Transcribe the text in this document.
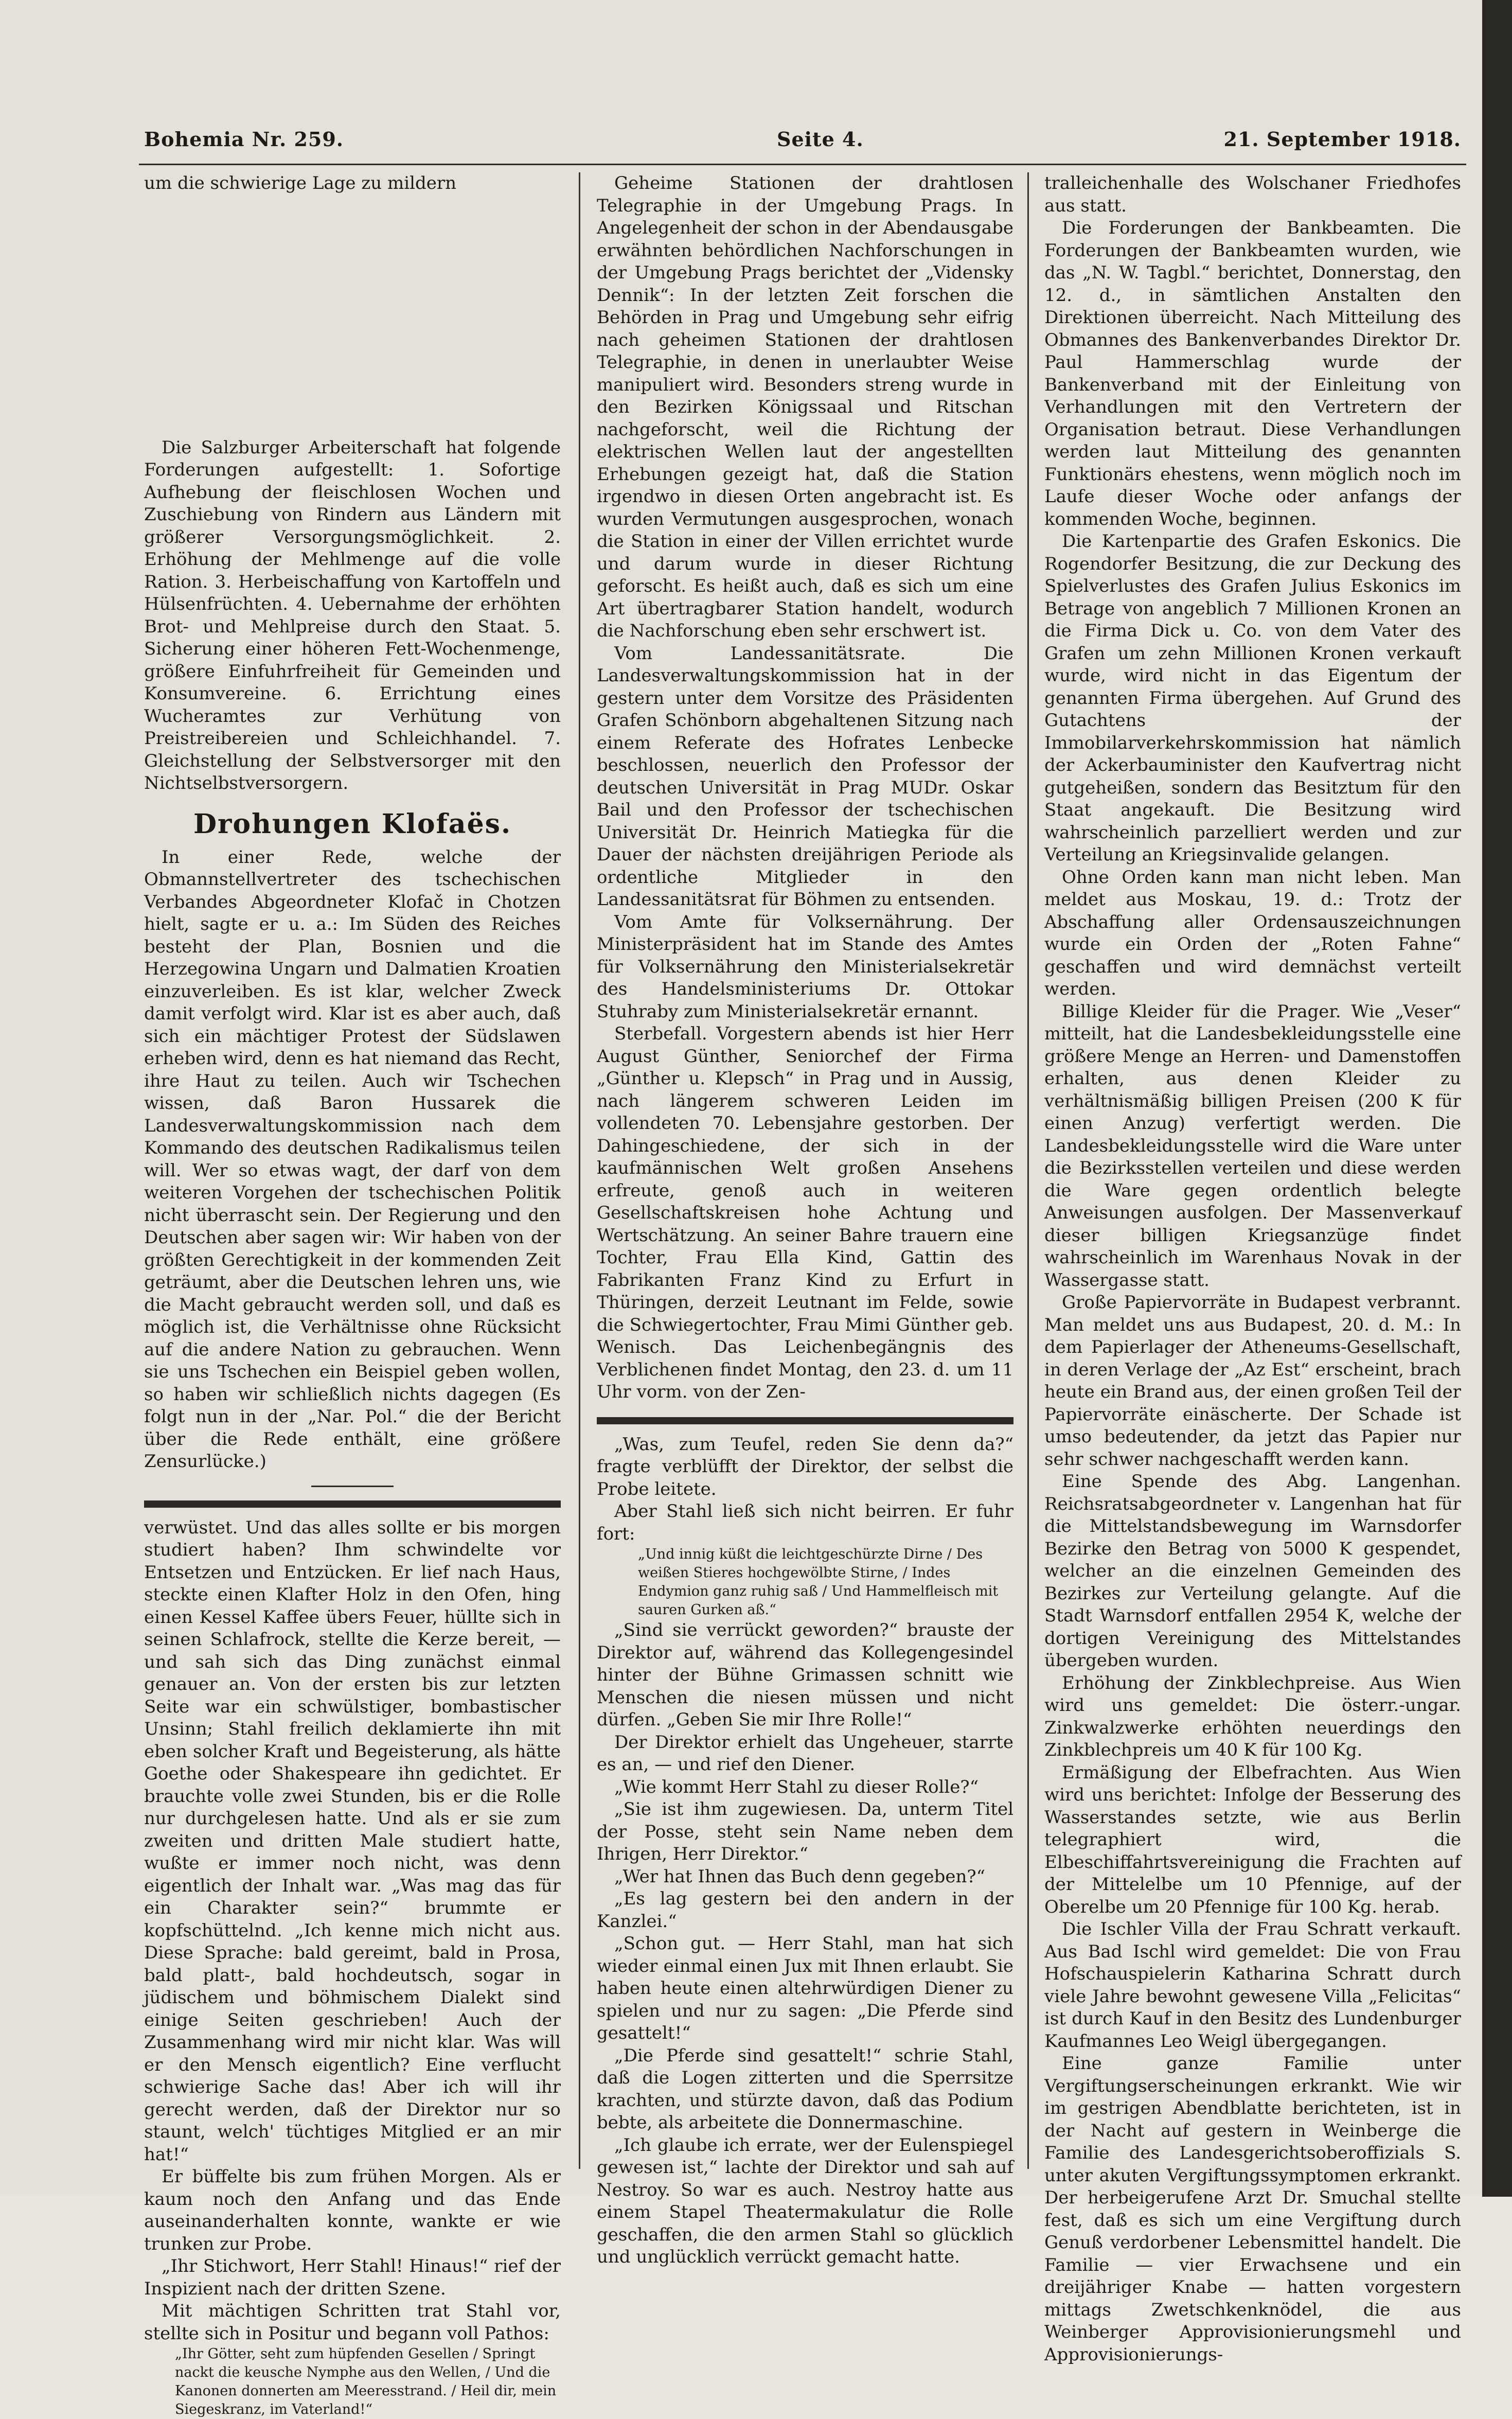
Bohemia Nr. 259.	Seite 4.	21. September 1918.

um die schwierige Lage zu mildern

Die Salzburger Arbeiterschaft hat folgende Forderungen aufgestellt: 1. Sofortige Aufhebung der fleischlosen Wochen und Zuschiebung von Rindern aus Ländern mit größerer Versorgungsmöglichkeit. 2. Erhöhung der Mehlmenge auf die volle Ration. 3. Herbeischaffung von Kartoffeln und Hülsenfrüchten. 4. Uebernahme der erhöhten Brot- und Mehlpreise durch den Staat. 5. Sicherung einer höheren Fett-Wochenmenge, größere Einfuhrfreiheit für Gemeinden und Konsumvereine. 6. Errichtung eines Wucheramtes zur Verhütung von Preistreibereien und Schleichhandel. 7. Gleichstellung der Selbstversorger mit den Nichtselbstversorgern.

Drohungen Klofaës.

In einer Rede, welche der Obmannstellvertreter des tschechischen Verbandes Abgeordneter Klofač in Chotzen hielt, sagte er u. a.: Im Süden des Reiches besteht der Plan, Bosnien und die Herzegowina Ungarn und Dalmatien Kroatien einzuverleiben. Es ist klar, welcher Zweck damit verfolgt wird. Klar ist es aber auch, daß sich ein mächtiger Protest der Südslawen erheben wird, denn es hat niemand das Recht, ihre Haut zu teilen. Auch wir Tschechen wissen, daß Baron Hussarek die Landesverwaltungskommission nach dem Kommando des deutschen Radikalismus teilen will. Wer so etwas wagt, der darf von dem weiteren Vorgehen der tschechischen Politik nicht überrascht sein. Der Regierung und den Deutschen aber sagen wir: Wir haben von der größten Gerechtigkeit in der kommenden Zeit geträumt, aber die Deutschen lehren uns, wie die Macht gebraucht werden soll, und daß es möglich ist, die Verhältnisse ohne Rücksicht auf die andere Nation zu gebrauchen. Wenn sie uns Tschechen ein Beispiel geben wollen, so haben wir schließlich nichts dagegen (Es folgt nun in der „Nar. Pol.“ die der Bericht über die Rede enthält, eine größere Zensurlücke.)

verwüstet. Und das alles sollte er bis morgen studiert haben? Ihm schwindelte vor Entsetzen und Entzücken. Er lief nach Haus, steckte einen Klafter Holz in den Ofen, hing einen Kessel Kaffee übers Feuer, hüllte sich in seinen Schlafrock, stellte die Kerze bereit, — und sah sich das Ding zunächst einmal genauer an. Von der ersten bis zur letzten Seite war ein schwülstiger, bombastischer Unsinn; Stahl freilich deklamierte ihn mit eben solcher Kraft und Begeisterung, als hätte Goethe oder Shakespeare ihn gedichtet. Er brauchte volle zwei Stunden, bis er die Rolle nur durchgelesen hatte. Und als er sie zum zweiten und dritten Male studiert hatte, wußte er immer noch nicht, was denn eigentlich der Inhalt war. „Was mag das für ein Charakter sein?“ brummte er kopfschüttelnd. „Ich kenne mich nicht aus. Diese Sprache: bald gereimt, bald in Prosa, bald platt-, bald hochdeutsch, sogar in jüdischem und böhmischem Dialekt sind einige Seiten geschrieben! Auch der Zusammenhang wird mir nicht klar. Was will er den Mensch eigentlich? Eine verflucht schwierige Sache das! Aber ich will ihr gerecht werden, daß der Direktor nur so staunt, welch' tüchtiges Mitglied er an mir hat!“

Er büffelte bis zum frühen Morgen. Als er kaum noch den Anfang und das Ende auseinanderhalten konnte, wankte er wie trunken zur Probe.

„Ihr Stichwort, Herr Stahl! Hinaus!“ rief der Inspizient nach der dritten Szene.

Mit mächtigen Schritten trat Stahl vor, stellte sich in Positur und begann voll Pathos:

„Ihr Götter, seht zum hüpfenden Gesellen / Springt nackt die keusche Nymphe aus den Wellen, / Und die Kanonen donnerten am Meeresstrand. / Heil dir, mein Siegeskranz, im Vaterland!“

Geheime Stationen der drahtlosen Telegraphie in der Umgebung Prags. In Angelegenheit der schon in der Abendausgabe erwähnten behördlichen Nachforschungen in der Umgebung Prags berichtet der „Vidensky Dennik“: In der letzten Zeit forschen die Behörden in Prag und Umgebung sehr eifrig nach geheimen Stationen der drahtlosen Telegraphie, in denen in unerlaubter Weise manipuliert wird. Besonders streng wurde in den Bezirken Königssaal und Ritschan nachgeforscht, weil die Richtung der elektrischen Wellen laut der angestellten Erhebungen gezeigt hat, daß die Station irgendwo in diesen Orten angebracht ist. Es wurden Vermutungen ausgesprochen, wonach die Station in einer der Villen errichtet wurde und darum wurde in dieser Richtung geforscht. Es heißt auch, daß es sich um eine Art übertragbarer Station handelt, wodurch die Nachforschung eben sehr erschwert ist.

Vom Landessanitätsrate. Die Landesverwaltungskommission hat in der gestern unter dem Vorsitze des Präsidenten Grafen Schönborn abgehaltenen Sitzung nach einem Referate des Hofrates Lenbecke beschlossen, neuerlich den Professor der deutschen Universität in Prag MUDr. Oskar Bail und den Professor der tschechischen Universität Dr. Heinrich Matiegka für die Dauer der nächsten dreijährigen Periode als ordentliche Mitglieder in den Landessanitätsrat für Böhmen zu entsenden.

Vom Amte für Volksernährung. Der Ministerpräsident hat im Stande des Amtes für Volksernährung den Ministerialsekretär des Handelsministeriums Dr. Ottokar Stuhraby zum Ministerialsekretär ernannt.

Sterbefall. Vorgestern abends ist hier Herr August Günther, Seniorchef der Firma „Günther u. Klepsch“ in Prag und in Aussig, nach längerem schweren Leiden im vollendeten 70. Lebensjahre gestorben. Der Dahingeschiedene, der sich in der kaufmännischen Welt großen Ansehens erfreute, genoß auch in weiteren Gesellschaftskreisen hohe Achtung und Wertschätzung. An seiner Bahre trauern eine Tochter, Frau Ella Kind, Gattin des Fabrikanten Franz Kind zu Erfurt in Thüringen, derzeit Leutnant im Felde, sowie die Schwiegertochter, Frau Mimi Günther geb. Wenisch. Das Leichenbegängnis des Verblichenen findet Montag, den 23. d. um 11 Uhr vorm. von der Zen-

„Was, zum Teufel, reden Sie denn da?“ fragte verblüfft der Direktor, der selbst die Probe leitete.

Aber Stahl ließ sich nicht beirren. Er fuhr fort:

„Und innig küßt die leichtgeschürzte Dirne / Des weißen Stieres hochgewölbte Stirne, / Indes Endymion ganz ruhig saß / Und Hammelfleisch mit sauren Gurken aß.“

„Sind sie verrückt geworden?“ brauste der Direktor auf, während das Kollegengesindel hinter der Bühne Grimassen schnitt wie Menschen die niesen müssen und nicht dürfen. „Geben Sie mir Ihre Rolle!“

Der Direktor erhielt das Ungeheuer, starrte es an, — und rief den Diener.

„Wie kommt Herr Stahl zu dieser Rolle?“

„Sie ist ihm zugewiesen. Da, unterm Titel der Posse, steht sein Name neben dem Ihrigen, Herr Direktor.“

„Wer hat Ihnen das Buch denn gegeben?“

„Es lag gestern bei den andern in der Kanzlei.“

„Schon gut. — Herr Stahl, man hat sich wieder einmal einen Jux mit Ihnen erlaubt. Sie haben heute einen altehrwürdigen Diener zu spielen und nur zu sagen: „Die Pferde sind gesattelt!“

„Die Pferde sind gesattelt!“ schrie Stahl, daß die Logen zitterten und die Sperrsitze krachten, und stürzte davon, daß das Podium bebte, als arbeitete die Donnermaschine.

„Ich glaube ich errate, wer der Eulenspiegel gewesen ist,“ lachte der Direktor und sah auf Nestroy. So war es auch. Nestroy hatte aus einem Stapel Theatermakulatur die Rolle geschaffen, die den armen Stahl so glücklich und unglücklich verrückt gemacht hatte.

tralleichenhalle des Wolschaner Friedhofes aus statt.

Die Forderungen der Bankbeamten. Die Forderungen der Bankbeamten wurden, wie das „N. W. Tagbl.“ berichtet, Donnerstag, den 12. d., in sämtlichen Anstalten den Direktionen überreicht. Nach Mitteilung des Obmannes des Bankenverbandes Direktor Dr. Paul Hammerschlag wurde der Bankenverband mit der Einleitung von Verhandlungen mit den Vertretern der Organisation betraut. Diese Verhandlungen werden laut Mitteilung des genannten Funktionärs ehestens, wenn möglich noch im Laufe dieser Woche oder anfangs der kommenden Woche, beginnen.

Die Kartenpartie des Grafen Eskonics. Die Rogendorfer Besitzung, die zur Deckung des Spielverlustes des Grafen Julius Eskonics im Betrage von angeblich 7 Millionen Kronen an die Firma Dick u. Co. von dem Vater des Grafen um zehn Millionen Kronen verkauft wurde, wird nicht in das Eigentum der genannten Firma übergehen. Auf Grund des Gutachtens der Immobilarverkehrskommission hat nämlich der Ackerbauminister den Kaufvertrag nicht gutgeheißen, sondern das Besitztum für den Staat angekauft. Die Besitzung wird wahrscheinlich parzelliert werden und zur Verteilung an Kriegsinvalide gelangen.

Ohne Orden kann man nicht leben. Man meldet aus Moskau, 19. d.: Trotz der Abschaffung aller Ordensauszeichnungen wurde ein Orden der „Roten Fahne“ geschaffen und wird demnächst verteilt werden.

Billige Kleider für die Prager. Wie „Veser“ mitteilt, hat die Landesbekleidungsstelle eine größere Menge an Herren- und Damenstoffen erhalten, aus denen Kleider zu verhältnismäßig billigen Preisen (200 K für einen Anzug) verfertigt werden. Die Landesbekleidungsstelle wird die Ware unter die Bezirksstellen verteilen und diese werden die Ware gegen ordentlich belegte Anweisungen ausfolgen. Der Massenverkauf dieser billigen Kriegsanzüge findet wahrscheinlich im Warenhaus Novak in der Wassergasse statt.

Große Papiervorräte in Budapest verbrannt. Man meldet uns aus Budapest, 20. d. M.: In dem Papierlager der Atheneums-Gesellschaft, in deren Verlage der „Az Est“ erscheint, brach heute ein Brand aus, der einen großen Teil der Papiervorräte einäscherte. Der Schade ist umso bedeutender, da jetzt das Papier nur sehr schwer nachgeschafft werden kann.

Eine Spende des Abg. Langenhan. Reichsratsabgeordneter v. Langenhan hat für die Mittelstandsbewegung im Warnsdorfer Bezirke den Betrag von 5000 K gespendet, welcher an die einzelnen Gemeinden des Bezirkes zur Verteilung gelangte. Auf die Stadt Warnsdorf entfallen 2954 K, welche der dortigen Vereinigung des Mittelstandes übergeben wurden.

Erhöhung der Zinkblechpreise. Aus Wien wird uns gemeldet: Die österr.-ungar. Zinkwalzwerke erhöhten neuerdings den Zinkblechpreis um 40 K für 100 Kg.

Ermäßigung der Elbefrachten. Aus Wien wird uns berichtet: Infolge der Besserung des Wasserstandes setzte, wie aus Berlin telegraphiert wird, die Elbeschiffahrtsvereinigung die Frachten auf der Mittelelbe um 10 Pfennige, auf der Oberelbe um 20 Pfennige für 100 Kg. herab.

Die Ischler Villa der Frau Schratt verkauft. Aus Bad Ischl wird gemeldet: Die von Frau Hofschauspielerin Katharina Schratt durch viele Jahre bewohnt gewesene Villa „Felicitas“ ist durch Kauf in den Besitz des Lundenburger Kaufmannes Leo Weigl übergegangen.

Eine ganze Familie unter Vergiftungserscheinungen erkrankt. Wie wir im gestrigen Abendblatte berichteten, ist in der Nacht auf gestern in Weinberge die Familie des Landesgerichtsoberoffizials S. unter akuten Vergiftungssymptomen erkrankt. Der herbeigerufene Arzt Dr. Smuchal stellte fest, daß es sich um eine Vergiftung durch Genuß verdorbener Lebensmittel handelt. Die Familie — vier Erwachsene und ein dreijähriger Knabe — hatten vorgestern mittags Zwetschkenknödel, die aus Weinberger Approvisionierungsmehl und Approvisionierungs-
